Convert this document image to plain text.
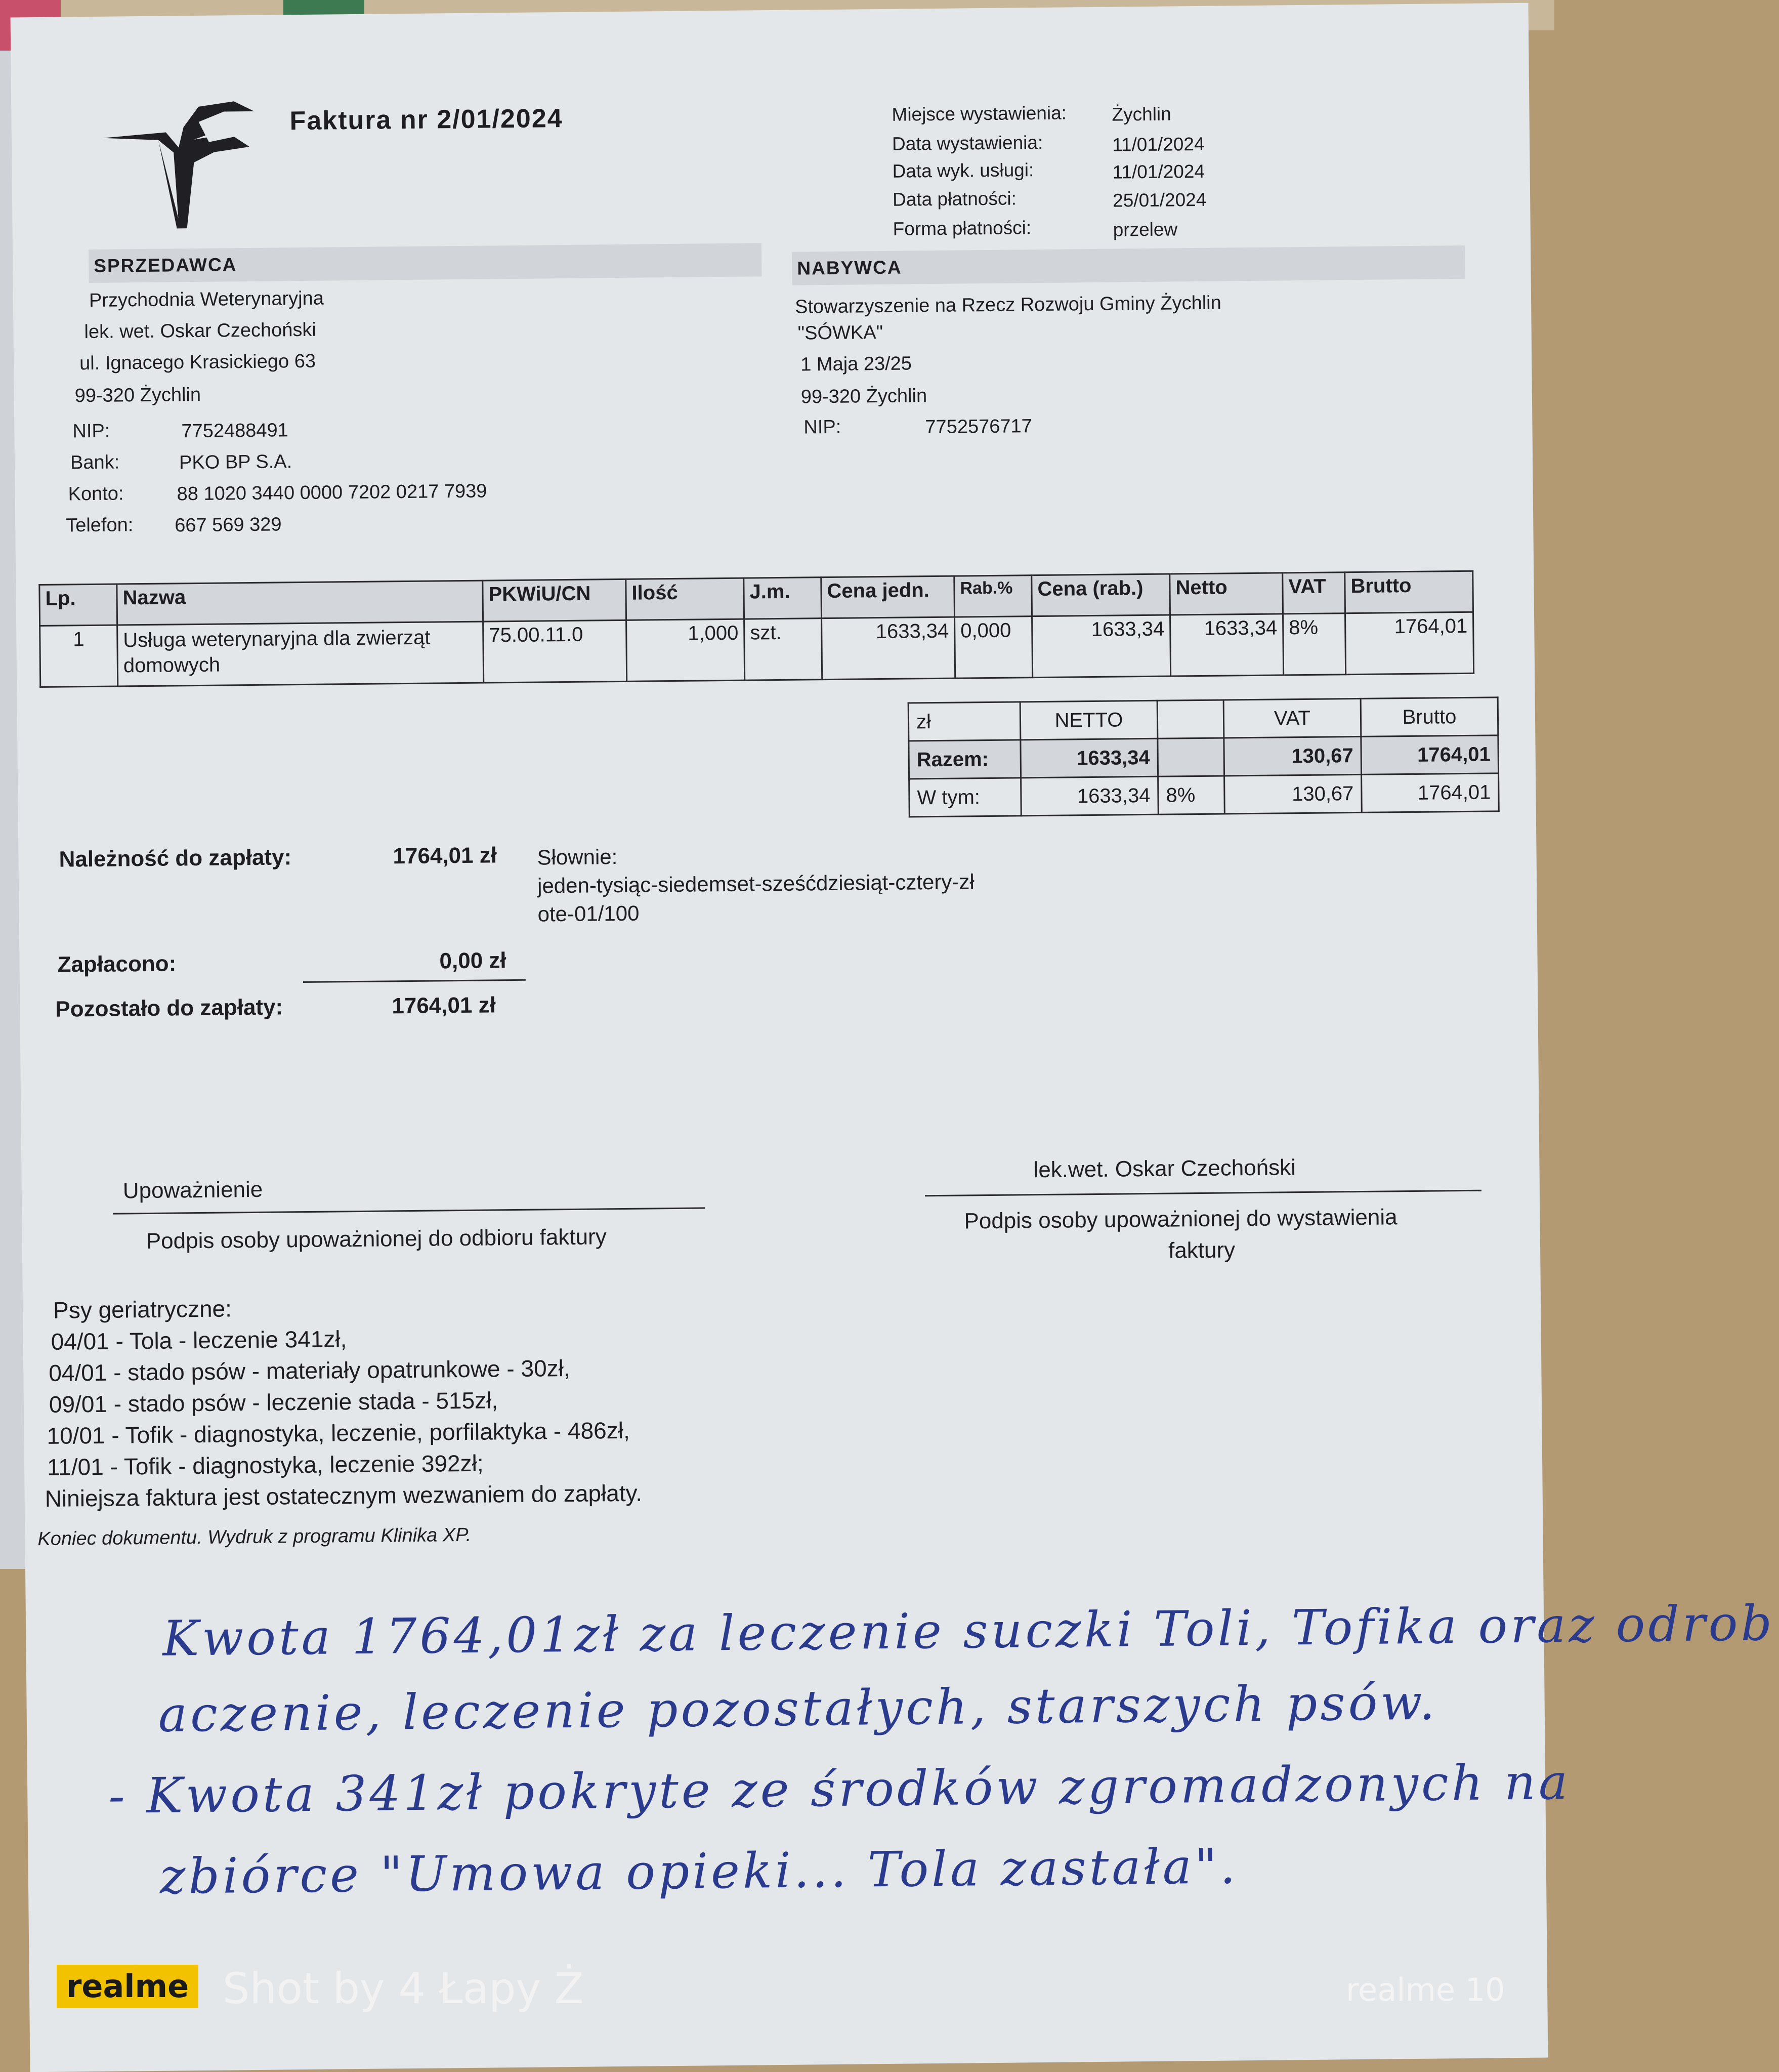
Faktura nr 2/01/2024	Miejsce wystawienia: Żychlin
Data wystawienia:	11/01/2024
Data wyk. usługi:	11/01/2024
Data płatności:	25/01/2024
Forma płatności:	przelew
SPRZEDAWCA
Przychodnia Weterynaryjna
lek. wet. Oskar Czechoński
ul. Ignacego Krasickiego 63
99-320 Żychlin
NIP:	7752488491
Bank:	PKO BP S.A.
Konto:	88 1020 3440 0000 7202 0217 7939
Telefon: 667 569 329
NABYWCA
Stowarzyszenie na Rzecz Rozwoju Gminy Żychlin
"SÓWKA"
1 Maja 23/25
99-320 Żychlin
NIP:	7752576717
Lp.	Nazwa	PKWiU/CN	Ilość	J.m.	Cena jedn.	Rab.%	Cena (rab.)	Netto	VAT	Brutto
1	Usługa weterynaryjna dla zwierząt domowych	75.00.11.0	1,000	szt.	1633,34	0,000	1633,34	1633,34	8%	1764,01
zł	NETTO		VAT	Brutto
Razem:	1633,34		130,67	1764,01
W tym:	1633,34	8%	130,67	1764,01
Należność do zapłaty:	1764,01 zł Słownie:
jeden-tysiąc-siedemset-sześćdziesiąt-cztery-zł
ote-01/100
Zapłacono:	0,00 zł
Pozostało do zapłaty:	1764,01 zł
Upoważnienie
Podpis osoby upoważnionej do odbioru faktury
lek.wet. Oskar Czechoński
Podpis osoby upoważnionej do wystawienia
faktury
Psy geriatryczne:
04/01 - Tola - leczenie 341zł,
04/01 - stado psów - materiały opatrunkowe - 30zł,
09/01 - stado psów - leczenie stada - 515zł,
10/01 - Tofik - diagnostyka, leczenie, porfilaktyka - 486zł,
11/01 - Tofik - diagnostyka, leczenie 392zł;
Niniejsza faktura jest ostatecznym wezwaniem do zapłaty.
Koniec dokumentu. Wydruk z programu Klinika XP.
Kwota 1764,01zł za leczenie suczki Toli, Tofika oraz odrob
aczenie, leczenie pozostałych, starszych psów.
- Kwota 341zł pokryte ze środków zgromadzonych na
zbiórce "Umowa opieki... Tola zastała".
realme Shot by 4 Łapy Ż	realme 10
